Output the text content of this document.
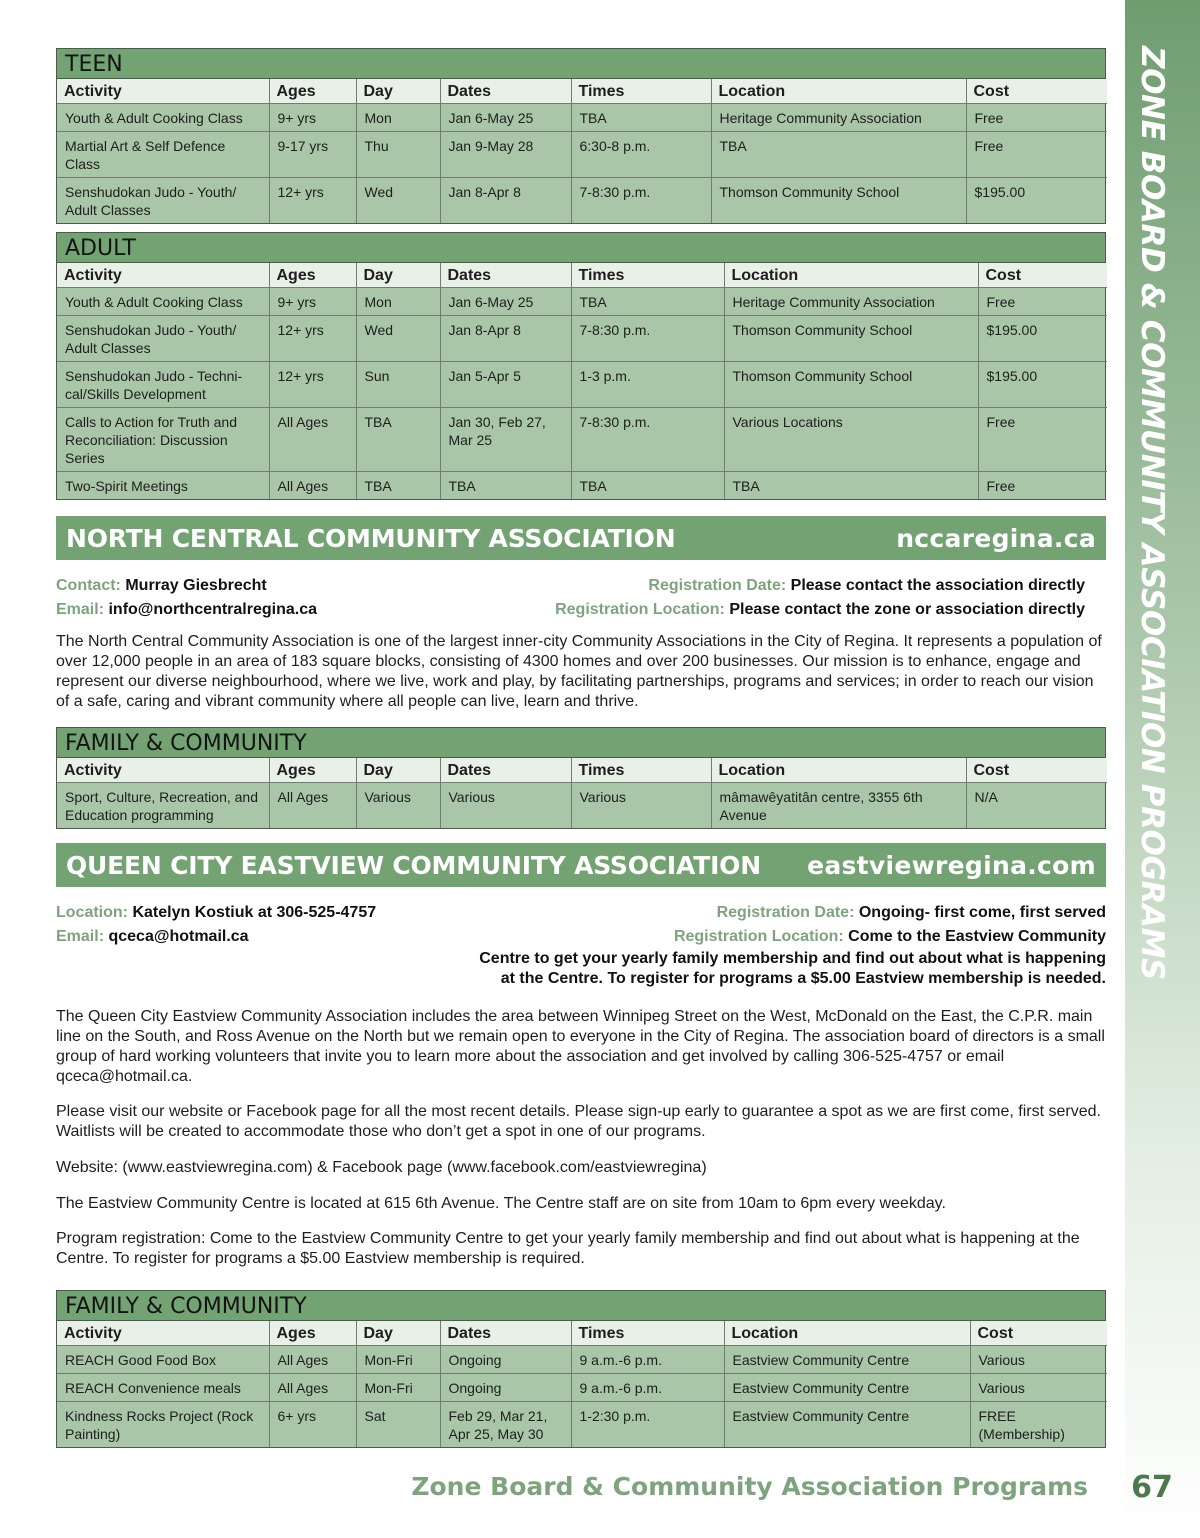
ZONE BOARD & COMMUNITY ASSOCIATION PROGRAMS
TEEN
Activity	Ages	Day	Dates	Times	Location	Cost
Youth & Adult Cooking Class	9+ yrs	Mon	Jan 6-May 25	TBA	Heritage Community Association	Free
Martial Art & Self Defence Class	9-17 yrs	Thu	Jan 9-May 28	6:30-8 p.m.	TBA	Free
Senshudokan Judo - Youth/ Adult Classes	12+ yrs	Wed	Jan 8-Apr 8	7-8:30 p.m.	Thomson Community School	$195.00
ADULT
Activity	Ages	Day	Dates	Times	Location	Cost
Youth & Adult Cooking Class	9+ yrs	Mon	Jan 6-May 25	TBA	Heritage Community Association	Free
Senshudokan Judo - Youth/ Adult Classes	12+ yrs	Wed	Jan 8-Apr 8	7-8:30 p.m.	Thomson Community School	$195.00
Senshudokan Judo - Techni-cal/Skills Development	12+ yrs	Sun	Jan 5-Apr 5	1-3 p.m.	Thomson Community School	$195.00
Calls to Action for Truth and Reconciliation: Discussion Series	All Ages	TBA	Jan 30, Feb 27, Mar 25	7-8:30 p.m.	Various Locations	Free
Two-Spirit Meetings	All Ages	TBA	TBA	TBA	TBA	Free
NORTH CENTRAL COMMUNITY ASSOCIATION	nccaregina.ca
Contact: Murray Giesbrecht
Email: info@northcentralregina.ca
Registration Date: Please contact the association directly
Registration Location: Please contact the zone or association directly
The North Central Community Association is one of the largest inner-city Community Associations in the City of Regina. It represents a population of over 12,000 people in an area of 183 square blocks, consisting of 4300 homes and over 200 businesses. Our mission is to enhance, engage and represent our diverse neighbourhood, where we live, work and play, by facilitating partnerships, programs and services; in order to reach our vision of a safe, caring and vibrant community where all people can live, learn and thrive.
FAMILY & COMMUNITY
Activity	Ages	Day	Dates	Times	Location	Cost
Sport, Culture, Recreation, and Education programming	All Ages	Various	Various	Various	mâmawêyatitân centre, 3355 6th Avenue	N/A
QUEEN CITY EASTVIEW COMMUNITY ASSOCIATION eastviewregina.com
Location: Katelyn Kostiuk at 306-525-4757
Email: qceca@hotmail.ca
Registration Date: Ongoing- first come, first served
Registration Location: Come to the Eastview Community
Centre to get your yearly family membership and find out about what is happening
at the Centre. To register for programs a $5.00 Eastview membership is needed.
The Queen City Eastview Community Association includes the area between Winnipeg Street on the West, McDonald on the East, the C.P.R. main line on the South, and Ross Avenue on the North but we remain open to everyone in the City of Regina. The association board of directors is a small group of hard working volunteers that invite you to learn more about the association and get involved by calling 306-525-4757 or email qceca@hotmail.ca.
Please visit our website or Facebook page for all the most recent details. Please sign-up early to guarantee a spot as we are first come, first served. Waitlists will be created to accommodate those who don’t get a spot in one of our programs.
Website: (www.eastviewregina.com) & Facebook page (www.facebook.com/eastviewregina)
The Eastview Community Centre is located at 615 6th Avenue. The Centre staff are on site from 10am to 6pm every weekday.
Program registration: Come to the Eastview Community Centre to get your yearly family membership and find out about what is happening at the Centre. To register for programs a $5.00 Eastview membership is required.
FAMILY & COMMUNITY
Activity	Ages	Day	Dates	Times	Location	Cost
REACH Good Food Box	All Ages	Mon-Fri	Ongoing	9 a.m.-6 p.m.	Eastview Community Centre	Various
REACH Convenience meals	All Ages	Mon-Fri	Ongoing	9 a.m.-6 p.m.	Eastview Community Centre	Various
Kindness Rocks Project (Rock Painting)	6+ yrs	Sat	Feb 29, Mar 21, Apr 25, May 30	1-2:30 p.m.	Eastview Community Centre	FREE (Membership)
Zone Board & Community Association Programs 67
